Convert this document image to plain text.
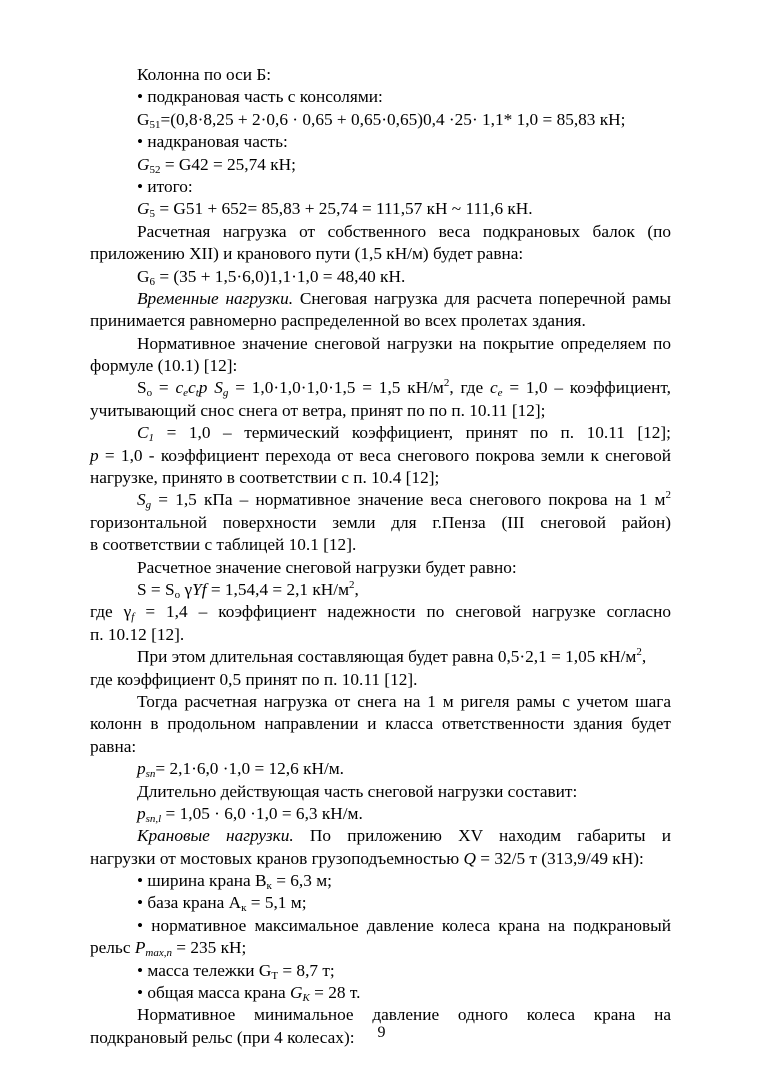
Колонна по оси Б:
• подкрановая часть с консолями:
$G_{51}=(0,8\cdot 8,25 + 2\cdot 0,6 \cdot 0,65 + 0,65\cdot 0,65)0,4 \cdot 25\cdot 1,1*$ 1,0 = 85,83 кН;
• надкрановая часть:
$G_{52} = G42 = 25,74$ кН;
• итого:
$G_5 = G51 + 652= 85,83 + 25,74 = 111,57$ кН ~ 111,6 кН.
Расчетная нагрузка от собственного веса подкрановых балок (по
приложению XII) и кранового пути (1,5 кН/м) будет равна:
$G_6 = (35 + 1,5\cdot 6,0)1,1\cdot 1,0 = 48,40$ кН.
Временные нагрузки. Снеговая нагрузка для расчета поперечной рамы
принимается равномерно распределенной во всех пролетах здания.
Нормативное значение снеговой нагрузки на покрытие определяем по
формуле (10.1) [12]:
$S_o = c_ec_tp$ $S_g = 1,0\cdot 1,0\cdot 1,0\cdot 1,5 = 1,5$ $кН/м^2$, где $c_e = 1,0$ – коэффициент,
учитывающий снос снега от ветра, принят по по п. 10.11 [12];
$C_1 = 1,0$ – термический коэффициент, принят по п. 10.11 [12];
p = 1,0 - коэффициент перехода от веса снегового покрова земли к снеговой
нагрузке, принято в соответствии с п. 10.4 [12];
$S_g = 1,5$ кПа – нормативное значение веса снегового покрова на 1 $м^2$
горизонтальной поверхности земли для г.Пенза (III снеговой район)
в соответствии с таблицей 10.1 [12].
Расчетное значение снеговой нагрузки будет равно:
$S = S_o$ γYf = 1,54,4 = 2,1 $кН/м^2$,
где $\gamma_f = 1,4$ – коэффициент надежности по снеговой нагрузке согласно
п. 10.12 [12].
При этом длительная составляющая будет равна 0,5·2,1 = 1,05 $кН/м^2$,
где коэффициент 0,5 принят по п. 10.11 [12].
Тогда расчетная нагрузка от снега на 1 м ригеля рамы с учетом шага
колонн в продольном направлении и класса ответственности здания будет
равна:
$p_{sn}= 2,1\cdot 6,0 \cdot 1,0 = 12,6$ кН/м.
Длительно действующая часть снеговой нагрузки составит:
$p_{sn,l} = 1,05 \cdot 6,0 \cdot 1,0 = 6,3$ кН/м.
Крановые нагрузки. По приложению XV находим габариты и
нагрузки от мостовых кранов грузоподъемностью Q = 32/5 т (313,9/49 кН):
• ширина крана $В_к = 6,3$ м;
• база крана $А_к = 5,1$ м;
• нормативное максимальное давление колеса крана на подкрановый
рельс $P_{max,n} = 235$ кН;
• масса тележки $G_Т = 8,7$ т;
• общая масса крана $G_K = 28$ т.
Нормативное минимальное давление одного колеса крана на
подкрановый рельс (при 4 колесах):	9
